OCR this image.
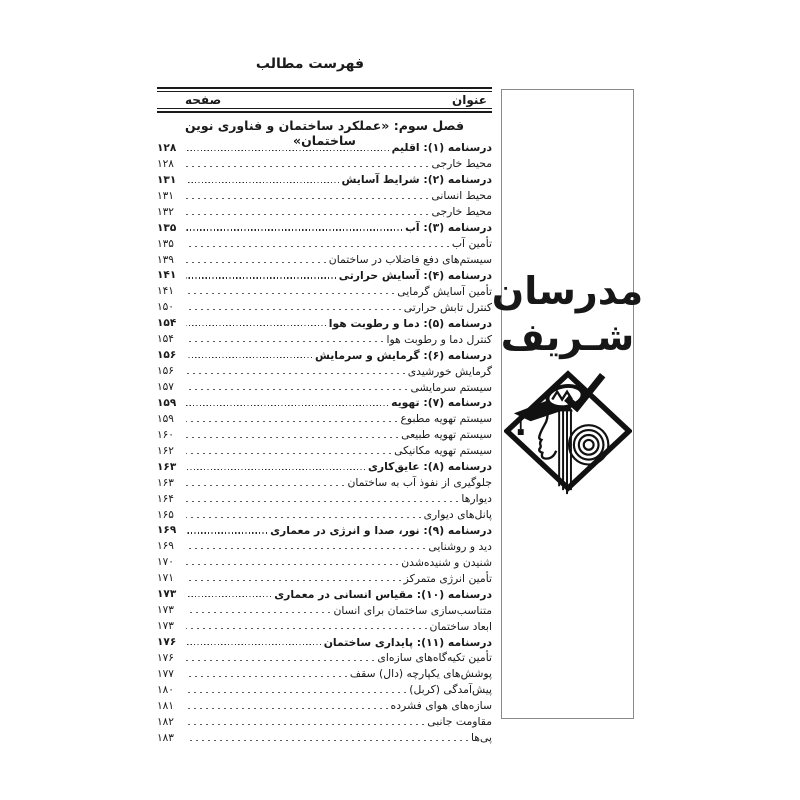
فهرست مطالب
عنوان
صفحه
فصل سوم: «عملکرد ساختمان و فناوری نوین ساختمان»	درسنامه (۱): اقلیم
۱۲۸
محیط خارجی
۱۲۸
درسنامه (۲): شرایط آسایش
۱۳۱
محیط انسانی
۱۳۱
محیط خارجی
۱۳۲
درسنامه (۳): آب
۱۳۵
تأمین آب
۱۳۵
سیستم‌های دفع فاضلاب در ساختمان
۱۳۹
درسنامه (۴): آسایش حرارتی
۱۴۱
تأمین آسایش گرمایی
۱۴۱
کنترل تابش حرارتی
۱۵۰
درسنامه (۵): دما و رطوبت هوا
۱۵۴
کنترل دما و رطوبت هوا
۱۵۴
درسنامه (۶): گرمایش و سرمایش
۱۵۶
گرمایش خورشیدی
۱۵۶
سیستم سرمایشی
۱۵۷
درسنامه (۷): تهویه
۱۵۹
سیستم تهویه مطبوع
۱۵۹
سیستم تهویه طبیعی
۱۶۰
سیستم تهویه مکانیکی
۱۶۲
درسنامه (۸): عایق‌کاری
۱۶۳
جلوگیری از نفوذ آب به ساختمان
۱۶۳
دیوارها
۱۶۴
پانل‌های دیواری
۱۶۵
درسنامه (۹): نور، صدا و انرژی در معماری
۱۶۹
دید و روشنایی
۱۶۹
شنیدن و شنیده‌شدن
۱۷۰
تأمین انرژی متمرکز
۱۷۱
درسنامه (۱۰): مقیاس انسانی در معماری
۱۷۳
متناسب‌سازی ساختمان برای انسان
۱۷۳
ابعاد ساختمان
۱۷۳
درسنامه (۱۱): پایداری ساختمان
۱۷۶
تأمین تکیه‌گاه‌های سازه‌ای
۱۷۶
پوشش‌های یکپارچه (دال) سقف
۱۷۷
پیش‌آمدگی (کربل)
۱۸۰
سازه‌های هوای فشرده
۱۸۱
مقاومت جانبی
۱۸۲
پی‌ها
۱۸۳
مدرسان
شـریف
